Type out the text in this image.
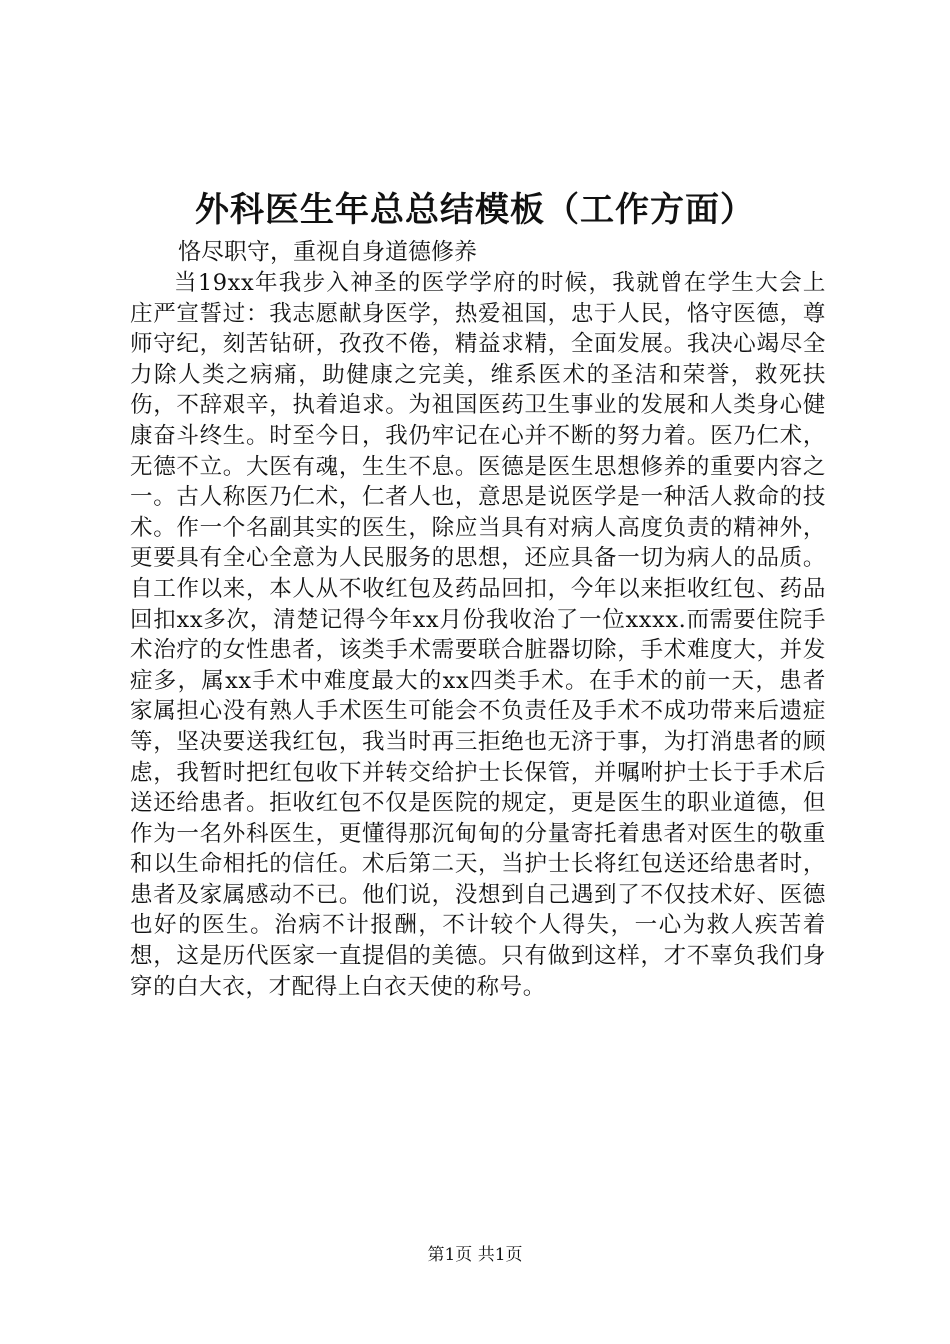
外科医生年总总结模板（工作方面）

恪尽职守，重视自身道德修养

当19xx年我步入神圣的医学学府的时候，我就曾在学生大会上庄严宣誓过：我志愿献身医学，热爱祖国，忠于人民，恪守医德，尊师守纪，刻苦钻研，孜孜不倦，精益求精，全面发展。我决心竭尽全力除人类之病痛，助健康之完美，维系医术的圣洁和荣誉，救死扶伤，不辞艰辛，执着追求。为祖国医药卫生事业的发展和人类身心健康奋斗终生。时至今日，我仍牢记在心并不断的努力着。医乃仁术，无德不立。大医有魂，生生不息。医德是医生思想修养的重要内容之一。古人称医乃仁术，仁者人也，意思是说医学是一种活人救命的技术。作一个名副其实的医生，除应当具有对病人高度负责的精神外，更要具有全心全意为人民服务的思想，还应具备一切为病人的品质。自工作以来，本人从不收红包及药品回扣，今年以来拒收红包、药品回扣xx多次，清楚记得今年xx月份我收治了一位xxxx.而需要住院手术治疗的女性患者，该类手术需要联合脏器切除，手术难度大，并发症多，属xx手术中难度最大的xx四类手术。在手术的前一天，患者家属担心没有熟人手术医生可能会不负责任及手术不成功带来后遗症等，坚决要送我红包，我当时再三拒绝也无济于事，为打消患者的顾虑，我暂时把红包收下并转交给护士长保管，并嘱咐护士长于手术后送还给患者。拒收红包不仅是医院的规定，更是医生的职业道德，但作为一名外科医生，更懂得那沉甸甸的分量寄托着患者对医生的敬重和以生命相托的信任。术后第二天，当护士长将红包送还给患者时，患者及家属感动不已。他们说，没想到自己遇到了不仅技术好、医德也好的医生。治病不计报酬，不计较个人得失，一心为救人疾苦着想，这是历代医家一直提倡的美德。只有做到这样，才不辜负我们身穿的白大衣，才配得上白衣天使的称号。

第1页 共1页
